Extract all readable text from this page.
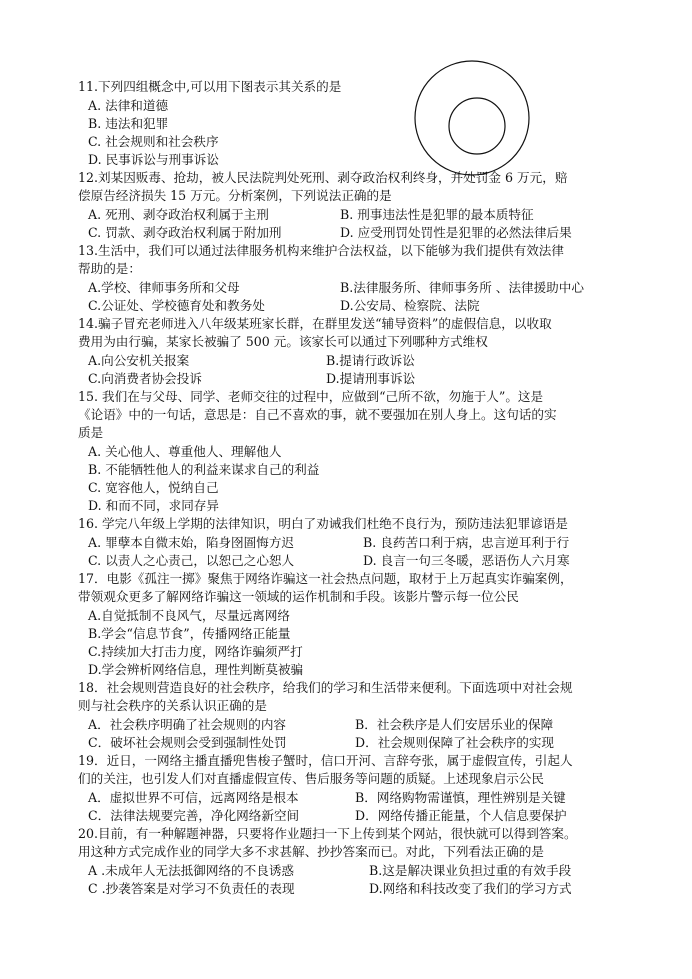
11.下列四组概念中,可以用下图表示其关系的是
A. 法律和道德
B. 违法和犯罪
C. 社会规则和社会秩序
D. 民事诉讼与刑事诉讼
12.刘某因贩毒、抢劫，被人民法院判处死刑、剥夺政治权利终身，并处罚金 6 万元，赔
偿原告经济损失 15 万元。分析案例，下列说法正确的是
A. 死刑、剥夺政治权利属于主刑	B. 刑事违法性是犯罪的最本质特征
C. 罚款、剥夺政治权利属于附加刑	D. 应受刑罚处罚性是犯罪的必然法律后果
13.生活中，我们可以通过法律服务机构来维护合法权益，以下能够为我们提供有效法律
帮助的是：
A.学校、律师事务所和父母	B.法律服务所、律师事务所 、法律援助中心
C.公证处、学校德育处和教务处	D.公安局、检察院、法院
14.骗子冒充老师进入八年级某班家长群，在群里发送“辅导资料”的虚假信息，以收取
费用为由行骗，某家长被骗了 500 元。该家长可以通过下列哪种方式维权
A.向公安机关报案	B.提请行政诉讼
C.向消费者协会投诉	D.提请刑事诉讼
15. 我们在与父母、同学、老师交往的过程中，应做到“己所不欲，勿施于人”。这是
《论语》中的一句话，意思是：自己不喜欢的事，就不要强加在别人身上。这句话的实
质是
A. 关心他人、尊重他人、理解他人
B. 不能牺牲他人的利益来谋求自己的利益
C. 宽容他人，悦纳自己
D. 和而不同，求同存异
16. 学完八年级上学期的法律知识，明白了劝诫我们杜绝不良行为，预防违法犯罪谚语是
A. 罪孽本自微末始，陷身囹圄悔方迟	B. 良药苦口利于病，忠言逆耳利于行
C. 以责人之心责己，以恕己之心恕人	D. 良言一句三冬暖，恶语伤人六月寒
17．电影《孤注一掷》聚焦于网络诈骗这一社会热点问题，取材于上万起真实诈骗案例，
带领观众更多了解网络诈骗这一领域的运作机制和手段。该影片警示每一位公民
A.自觉抵制不良风气，尽量远离网络
B.学会“信息节食”，传播网络正能量
C.持续加大打击力度，网络诈骗须严打
D.学会辨析网络信息，理性判断莫被骗
18．社会规则营造良好的社会秩序，给我们的学习和生活带来便利。下面选项中对社会规
则与社会秩序的关系认识正确的是
A．社会秩序明确了社会规则的内容	B．社会秩序是人们安居乐业的保障
C．破坏社会规则会受到强制性处罚	D．社会规则保障了社会秩序的实现
19．近日，一网络主播直播兜售梭子蟹时，信口开河、言辞夸张，属于虚假宣传，引起人
们的关注，也引发人们对直播虚假宣传、售后服务等问题的质疑。上述现象启示公民
A．虚拟世界不可信，远离网络是根本	B．网络购物需谨慎，理性辨别是关键
C．法律法规要完善，净化网络新空间	D．网络传播正能量，个人信息要保护
20.目前，有一种解题神器，只要将作业题扫一下上传到某个网站，很快就可以得到答案。
用这种方式完成作业的同学大多不求甚解、抄抄答案而已。对此，下列看法正确的是
A .未成年人无法抵御网络的不良诱惑	B.这是解决课业负担过重的有效手段
C .抄袭答案是对学习不负责任的表现	D.网络和科技改变了我们的学习方式
